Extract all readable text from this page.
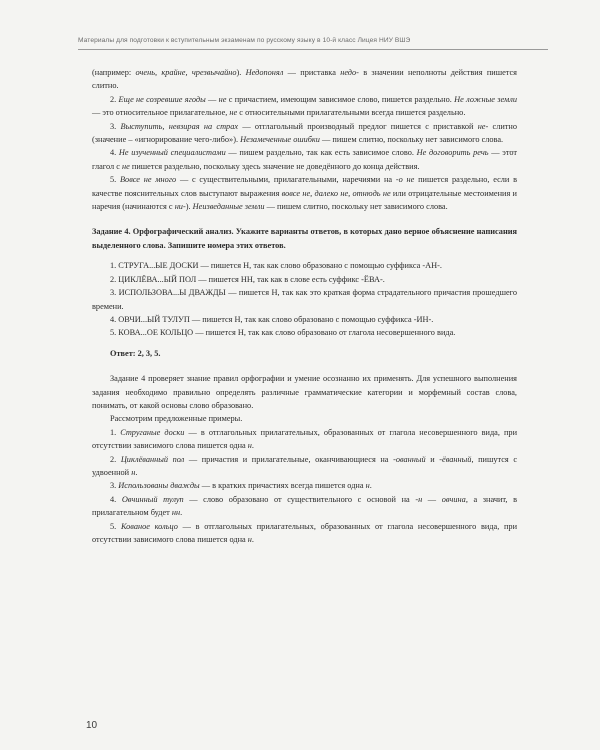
Материалы для подготовки к вступительным экзаменам по русскому языку в 10-й класс Лицея НИУ ВШЭ

(например: очень, крайне, чрезвычайно). Недопонял — приставка недо- в значении неполноты действия пишется слитно.

2. Еще не созревшие ягоды — не с причастием, имеющим зависимое слово, пишется раздельно. Не ложные земли — это относительное прилагательное, не с относительными прилагательными всегда пишется раздельно.

3. Выступить, невзирая на страх — отглагольный производный предлог пишется с приставкой не- слитно (значение – «игнорирование чего-либо»). Незамеченные ошибки — пишем слитно, поскольку нет зависимого слова.

4. Не изученный специалистами — пишем раздельно, так как есть зависимое слово. Не договорить речь — этот глагол с не пишется раздельно, поскольку здесь значение не довeдённого до конца действия.

5. Вовсе не много — с существительными, прилагательными, наречиями на -о не пишется раздельно, если в качестве пояснительных слов выступают выражения вовсе не, далеко не, отнюдь не или отрицательные местоимения и наречия (начинаются с ни-). Неизведанные земли — пишем слитно, поскольку нет зависимого слова.

Задание 4. Орфографический анализ. Укажите варианты ответов, в которых дано верное объяснение написания выделенного слова. Запишите номера этих ответов.

1. СТРУГА...ЫЕ ДОСКИ — пишется Н, так как слово образовано с помощью суффикса -АН-.

2. ЦИКЛЁВА...ЫЙ ПОЛ — пишется НН, так как в слове есть суффикс -ЁВА-.

3. ИСПОЛЬЗОВА...Ы ДВАЖДЫ — пишется Н, так как это краткая форма страдательного причастия прошедшего времени.

4. ОВЧИ...ЫЙ ТУЛУП — пишется Н, так как слово образовано с помощью суффикса -ИН-.

5. КОВА...ОЕ КОЛЬЦО — пишется Н, так как слово образовано от глагола несовершенного вида.

Ответ: 2, 3, 5.

Задание 4 проверяет знание правил орфографии и умение осознанно их применять. Для успешного выполнения задания необходимо правильно определять различные грамматические категории и морфемный состав слова, понимать, от какой основы слово образовано.

Рассмотрим предложенные примеры.

1. Cтруганые доски — в отглагольных прилагательных, образованных от глагола несовершенного вида, при отсутствии зависимого слова пишется одна н.

2. Циклёванный пол — причастия и прилагательные, оканчивающиеся на -ованный и -ёванный, пишутся с удвоенной н.

3. Использованы дважды — в кратких причастиях всегда пишется одна н.

4. Овчинный тулуп — слово образовано от существительного с основой на -н — овчина, а значит, в прилагательном будет нн.

5. Кованое кольцо — в отглагольных прилагательных, образованных от глагола несовершенного вида, при отсутствии зависимого слова пишется одна н.

10
